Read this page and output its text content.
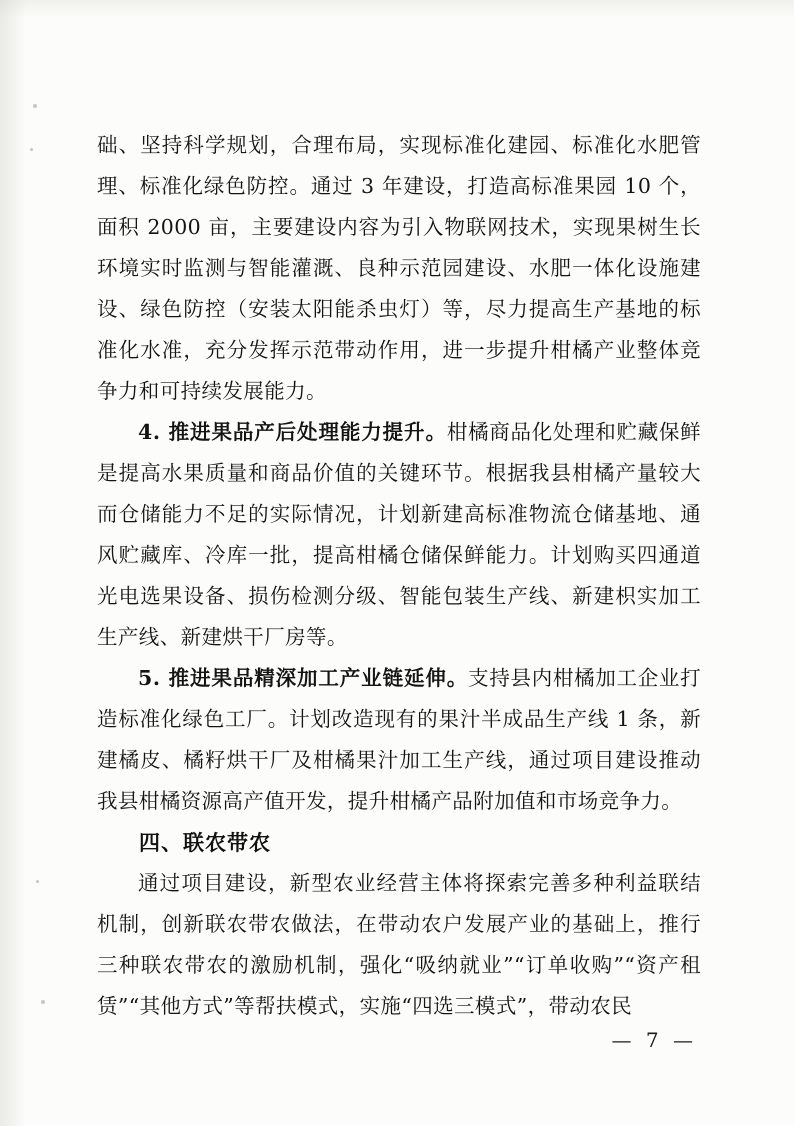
础、坚持科学规划，合理布局，实现标准化建园、标准化水肥管理、标准化绿色防控。通过 3 年建设，打造高标准果园 10 个，面积 2000 亩，主要建设内容为引入物联网技术，实现果树生长环境实时监测与智能灌溉、良种示范园建设、水肥一体化设施建设、绿色防控（安装太阳能杀虫灯）等，尽力提高生产基地的标准化水准，充分发挥示范带动作用，进一步提升柑橘产业整体竞争力和可持续发展能力。

4. 推进果品产后处理能力提升。柑橘商品化处理和贮藏保鲜是提高水果质量和商品价值的关键环节。根据我县柑橘产量较大而仓储能力不足的实际情况，计划新建高标准物流仓储基地、通风贮藏库、冷库一批，提高柑橘仓储保鲜能力。计划购买四通道光电选果设备、损伤检测分级、智能包装生产线、新建枳实加工生产线、新建烘干厂房等。

5. 推进果品精深加工产业链延伸。支持县内柑橘加工企业打造标准化绿色工厂。计划改造现有的果汁半成品生产线 1 条，新建橘皮、橘籽烘干厂及柑橘果汁加工生产线，通过项目建设推动我县柑橘资源高产值开发，提升柑橘产品附加值和市场竞争力。

四、联农带农

通过项目建设，新型农业经营主体将探索完善多种利益联结机制，创新联农带农做法，在带动农户发展产业的基础上，推行三种联农带农的激励机制，强化“吸纳就业”“订单收购”“资产租赁”“其他方式”等帮扶模式，实施“四选三模式”，带动农民

— 7 —
